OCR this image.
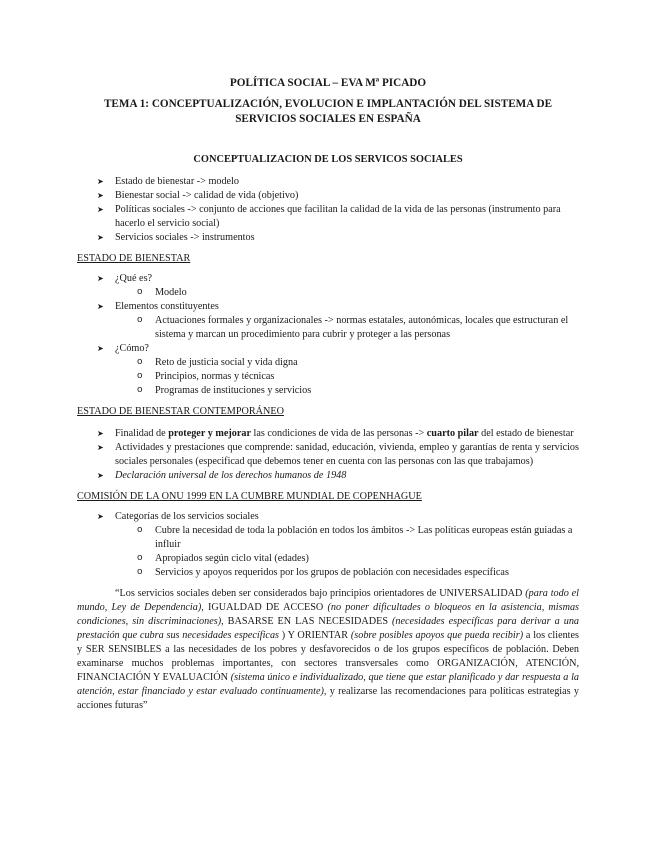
POLÍTICA SOCIAL – EVA Mª PICADO
TEMA 1: CONCEPTUALIZACIÓN, EVOLUCION E IMPLANTACIÓN DEL SISTEMA DE SERVICIOS SOCIALES EN ESPAÑA
CONCEPTUALIZACION DE LOS SERVICOS SOCIALES
➤ Estado de bienestar -> modelo
➤ Bienestar social -> calidad de vida (objetivo)
➤ Políticas sociales -> conjunto de acciones que facilitan la calidad de la vida de las personas (instrumento para hacerlo el servicio social)
➤ Servicios sociales -> instrumentos
ESTADO DE BIENESTAR
➤ ¿Qué es?
o Modelo
➤ Elementos constituyentes
o Actuaciones formales y organizacionales -> normas estatales, autonómicas, locales que estructuran el sistema y marcan un procedimiento para cubrir y proteger a las personas
➤ ¿Cómo?
o Reto de justicia social y vida digna
o Principios, normas y técnicas
o Programas de instituciones y servicios
ESTADO DE BIENESTAR CONTEMPORÁNEO
➤ Finalidad de proteger y mejorar las condiciones de vida de las personas -> cuarto pilar del estado de bienestar
➤ Actividades y prestaciones que comprende: sanidad, educación, vivienda, empleo y garantías de renta y servicios sociales personales (especificad que debemos tener en cuenta con las personas con las que trabajamos)
➤ Declaración universal de los derechos humanos de 1948
COMISIÓN DE LA ONU 1999 EN LA CUMBRE MUNDIAL DE COPENHAGUE
➤ Categorías de los servicios sociales
o Cubre la necesidad de toda la población en todos los ámbitos -> Las políticas europeas están guiadas a influir
o Apropiados según ciclo vital (edades)
o Servicios y apoyos requeridos por los grupos de población con necesidades específicas
“Los servicios sociales deben ser considerados bajo principios orientadores de UNIVERSALIDAD (para todo el mundo, Ley de Dependencia), IGUALDAD DE ACCESO (no poner dificultades o bloqueos en la asistencia, mismas condiciones, sin discriminaciones), BASARSE EN LAS NECESIDADES (necesidades específicas para derivar a una prestación que cubra sus necesidades específicas ) Y ORIENTAR (sobre posibles apoyos que pueda recibir) a los clientes y SER SENSIBLES a las necesidades de los pobres y desfavorecidos o de los grupos específicos de población. Deben examinarse muchos problemas importantes, con sectores transversales como ORGANIZACIÓN, ATENCIÓN, FINANCIACIÓN Y EVALUACIÓN (sistema único e individualizado, que tiene que estar planificado y dar respuesta a la atención, estar financiado y estar evaluado continuamente), y realizarse las recomendaciones para políticas estrategias y acciones futuras”
